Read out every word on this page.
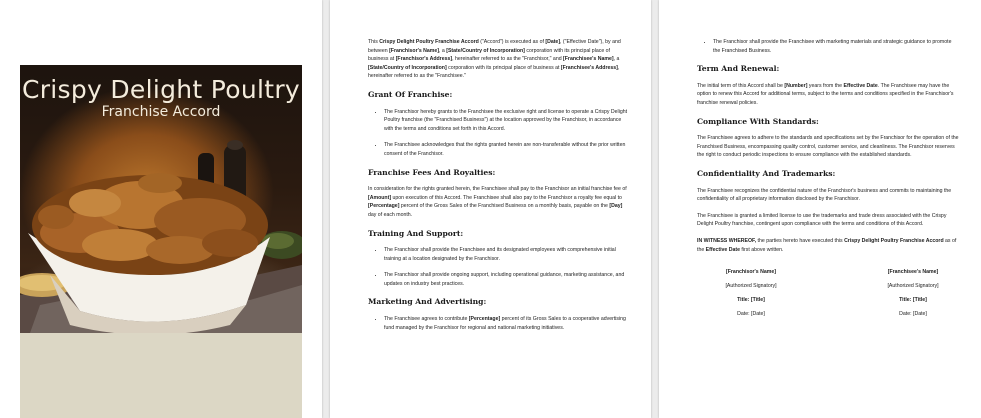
Crispy Delight Poultry
Franchise Accord

This Crispy Delight Poultry Franchise Accord ("Accord") is executed as of [Date], ("Effective Date"), by and between [Franchisor's Name], a [State/Country of Incorporation] corporation with its principal place of business at [Franchisor's Address], hereinafter referred to as the "Franchisor," and [Franchisee's Name], a [State/Country of Incorporation] corporation with its principal place of business at [Franchisee's Address], hereinafter referred to as the "Franchisee."

Grant Of Franchise:
• The Franchisor hereby grants to the Franchisee the exclusive right and license to operate a Crispy Delight Poultry franchise (the "Franchised Business") at the location approved by the Franchisor, in accordance with the terms and conditions set forth in this Accord.
• The Franchisee acknowledges that the rights granted herein are non-transferable without the prior written consent of the Franchisor.
Franchise Fees And Royalties:

In consideration for the rights granted herein, the Franchisee shall pay to the Franchisor an initial franchise fee of [Amount] upon execution of this Accord. The Franchisee shall also pay to the Franchisor a royalty fee equal to [Percentage] percent of the Gross Sales of the Franchised Business on a monthly basis, payable on the [Day] day of each month.

Training And Support:
• The Franchisor shall provide the Franchisee and its designated employees with comprehensive initial training at a location designated by the Franchisor.
• The Franchisor shall provide ongoing support, including operational guidance, marketing assistance, and updates on industry best practices.
Marketing And Advertising:
• The Franchisee agrees to contribute [Percentage] percent of its Gross Sales to a cooperative advertising fund managed by the Franchisor for regional and national marketing initiatives.
• The Franchisor shall provide the Franchisee with marketing materials and strategic guidance to promote the Franchised Business.
Term And Renewal:

The initial term of this Accord shall be [Number] years from the Effective Date. The Franchisee may have the option to renew this Accord for additional terms, subject to the terms and conditions specified in the Franchisor's franchise renewal policies.

Compliance With Standards:

The Franchisee agrees to adhere to the standards and specifications set by the Franchisor for the operation of the Franchised Business, encompassing quality control, customer service, and cleanliness. The Franchisor reserves the right to conduct periodic inspections to ensure compliance with the established standards.

Confidentiality And Trademarks:

The Franchisee recognizes the confidential nature of the Franchisor's business and commits to maintaining the confidentiality of all proprietary information disclosed by the Franchisor.

The Franchisee is granted a limited license to use the trademarks and trade dress associated with the Crispy Delight Poultry franchise, contingent upon compliance with the terms and conditions of this Accord.

IN WITNESS WHEREOF, the parties hereto have executed this Crispy Delight Poultry Franchise Accord as of the Effective Date first above written.

[Franchisor's Name]
[Authorized Signatory]
Title: [Title]
Date: [Date]
[Franchisee's Name]
[Authorized Signatory]
Title: [Title]
Date: [Date]
